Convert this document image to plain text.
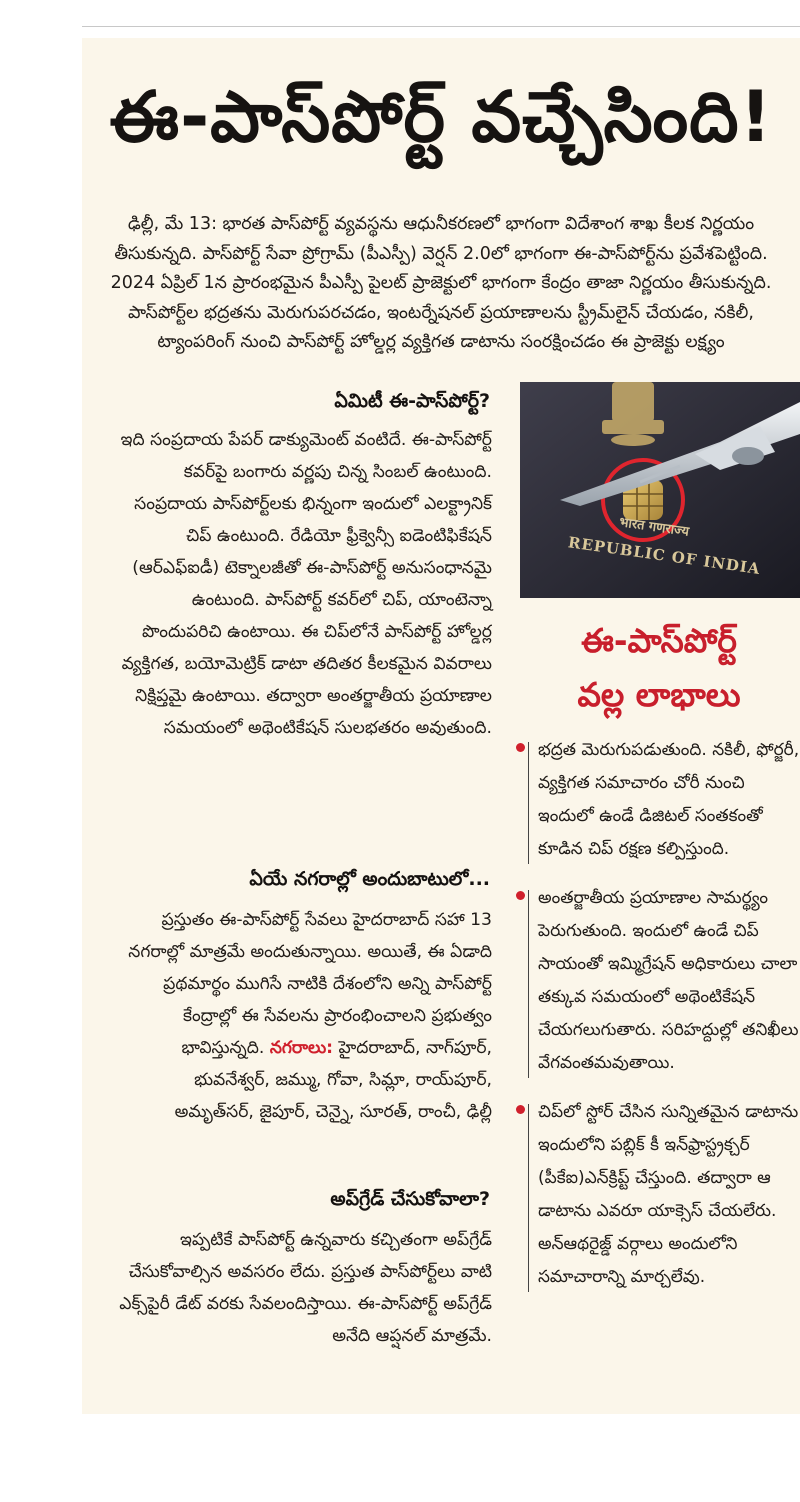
ఈ-పాస్‌పోర్ట్ వచ్చేసింది!

ఢిల్లీ, మే 13: భారత పాస్‌పోర్ట్ వ్యవస్థను ఆధునీకరణలో భాగంగా విదేశాంగ శాఖ కీలక నిర్ణయం తీసుకున్నది. పాస్‌పోర్ట్ సేవా ప్రోగ్రామ్ (పీఎస్పీ) వెర్షన్ 2.0లో భాగంగా ఈ-పాస్‌పోర్ట్‌ను ప్రవేశపెట్టింది. 2024 ఏప్రిల్ 1న ప్రారంభమైన పీఎస్పీ పైలట్ ప్రాజెక్టులో భాగంగా కేంద్రం తాజా నిర్ణయం తీసుకున్నది. పాస్‌పోర్ట్‌ల భద్రతను మెరుగుపరచడం, ఇంటర్నేషనల్ ప్రయాణాలను స్ట్రీమ్‌లైన్ చేయడం, నకిలీ, ట్యాంపరింగ్ నుంచి పాస్‌పోర్ట్ హోల్డర్ల వ్యక్తిగత డాటాను సంరక్షించడం ఈ ప్రాజెక్టు లక్ష్యం

ఏమిటీ ఈ-పాస్‌పోర్ట్?

ఇది సంప్రదాయ పేపర్ డాక్యుమెంట్ వంటిదే. ఈ-పాస్‌పోర్ట్ కవర్‌పై బంగారు వర్ణపు చిన్న సింబల్ ఉంటుంది. సంప్రదాయ పాస్‌పోర్ట్‌లకు భిన్నంగా ఇందులో ఎలక్ట్రానిక్ చిప్ ఉంటుంది. రేడియో ఫ్రీక్వెన్సీ ఐడెంటిఫికేషన్ (ఆర్ఎఫ్ఐడీ) టెక్నాలజీతో ఈ-పాస్‌పోర్ట్ అనుసంధానమై ఉంటుంది. పాస్‌పోర్ట్ కవర్‌లో చిప్, యాంటెన్నా పొందుపరిచి ఉంటాయి. ఈ చిప్‌లోనే పాస్‌పోర్ట్ హోల్డర్ల వ్యక్తిగత, బయోమెట్రిక్ డాటా తదితర కీలకమైన వివరాలు నిక్షిప్తమై ఉంటాయి. తద్వారా అంతర్జాతీయ ప్రయాణాల సమయంలో అథెంటికేషన్ సులభతరం అవుతుంది.

ఏయే నగరాల్లో అందుబాటులో...

ప్రస్తుతం ఈ-పాస్‌పోర్ట్ సేవలు హైదరాబాద్ సహా 13 నగరాల్లో మాత్రమే అందుతున్నాయి. అయితే, ఈ ఏడాది ప్రథమార్థం ముగిసే నాటికి దేశంలోని అన్ని పాస్‌పోర్ట్ కేంద్రాల్లో ఈ సేవలను ప్రారంభించాలని ప్రభుత్వం భావిస్తున్నది. నగరాలు: హైదరాబాద్, నాగ్‌పూర్, భువనేశ్వర్, జమ్ము, గోవా, సిమ్లా, రాయ్‌పూర్, అమృత్‌సర్, జైపూర్, చెన్నై, సూరత్, రాంచీ, ఢిల్లీ

అప్‌గ్రేడ్ చేసుకోవాలా?

ఇప్పటికే పాస్‌పోర్ట్ ఉన్నవారు కచ్చితంగా అప్‌గ్రేడ్ చేసుకోవాల్సిన అవసరం లేదు. ప్రస్తుత పాస్‌పోర్ట్‌లు వాటి ఎక్స్‌పైరీ డేట్ వరకు సేవలందిస్తాయి. ఈ-పాస్‌పోర్ట్ అప్‌గ్రేడ్ అనేది ఆప్షనల్ మాత్రమే.

भारत गणराज्य
REPUBLIC OF INDIA
ఈ-పాస్‌పోర్ట్
వల్ల లాభాలు

భద్రత మెరుగుపడుతుంది. నకిలీ, ఫోర్జరీ, వ్యక్తిగత సమాచారం చోరీ నుంచి ఇందులో ఉండే డిజిటల్ సంతకంతో కూడిన చిప్ రక్షణ కల్పిస్తుంది.

అంతర్జాతీయ ప్రయాణాల సామర్థ్యం పెరుగుతుంది. ఇందులో ఉండే చిప్ సాయంతో ఇమ్మిగ్రేషన్ అధికారులు చాలా తక్కువ సమయంలో అథెంటికేషన్ చేయగలుగుతారు. సరిహద్దుల్లో తనిఖీలు వేగవంతమవుతాయి.

చిప్‌లో స్టోర్ చేసిన సున్నితమైన డాటాను ఇందులోని పబ్లిక్ కీ ఇన్‌ఫ్రాస్ట్రక్చర్ (పీకేఐ)ఎన్‌క్రిప్ట్ చేస్తుంది. తద్వారా ఆ డాటాను ఎవరూ యాక్సెస్ చేయలేరు. అన్‌ఆథరైజ్డ్ వర్గాలు అందులోని సమాచారాన్ని మార్చలేవు.
